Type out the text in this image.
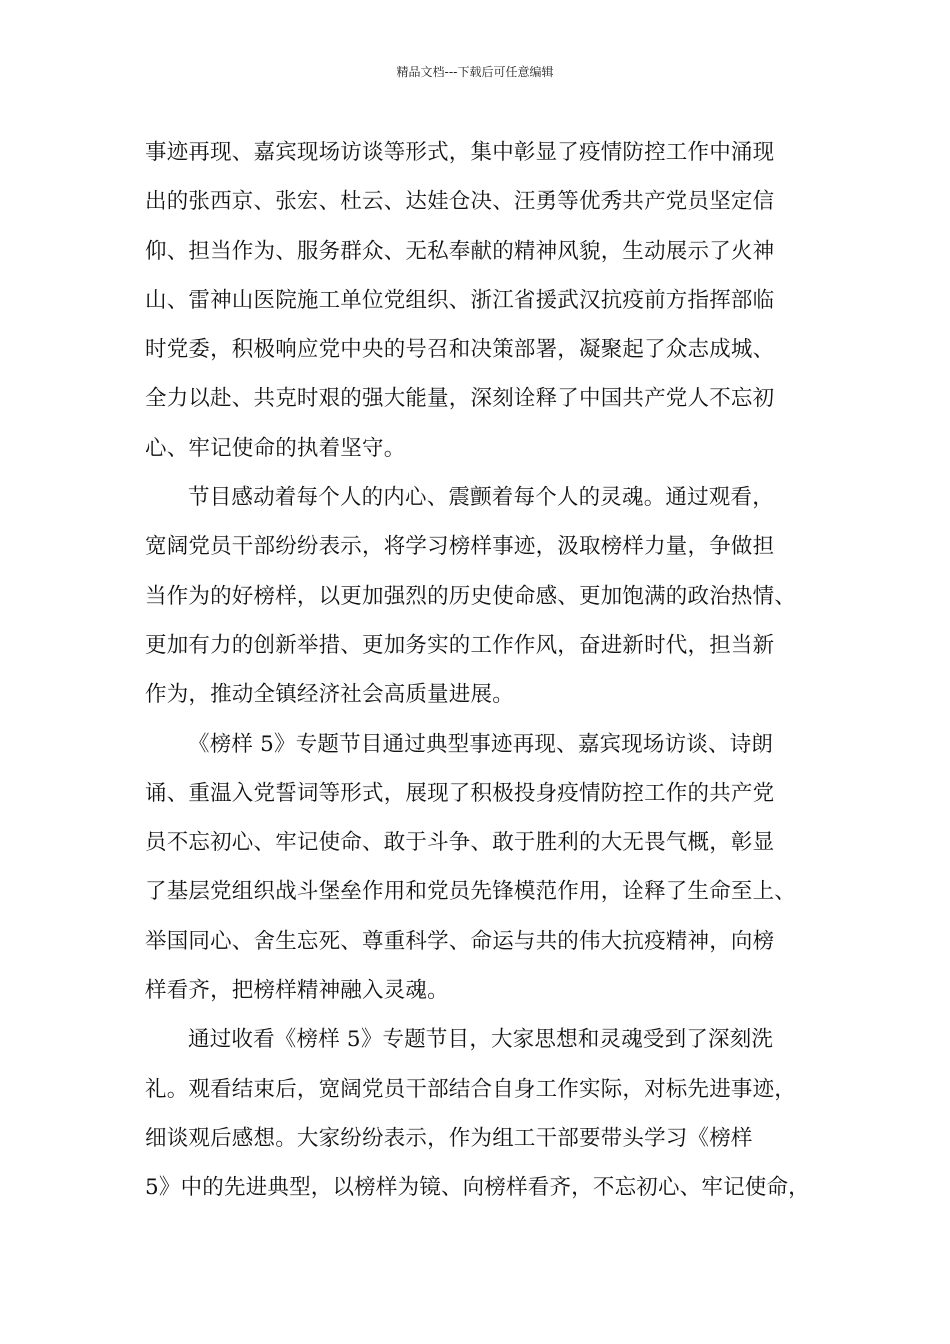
精品文档---下载后可任意编辑
事迹再现、嘉宾现场访谈等形式，集中彰显了疫情防控工作中涌现
出的张西京、张宏、杜云、达娃仓决、汪勇等优秀共产党员坚定信
仰、担当作为、服务群众、无私奉献的精神风貌，生动展示了火神
山、雷神山医院施工单位党组织、浙江省援武汉抗疫前方指挥部临
时党委，积极响应党中央的号召和决策部署，凝聚起了众志成城、
全力以赴、共克时艰的强大能量，深刻诠释了中国共产党人不忘初
心、牢记使命的执着坚守。
节目感动着每个人的内心、震颤着每个人的灵魂。通过观看，
宽阔党员干部纷纷表示，将学习榜样事迹，汲取榜样力量，争做担
当作为的好榜样，以更加强烈的历史使命感、更加饱满的政治热情、
更加有力的创新举措、更加务实的工作作风，奋进新时代，担当新
作为，推动全镇经济社会高质量进展。
《榜样 5》专题节目通过典型事迹再现、嘉宾现场访谈、诗朗
诵、重温入党誓词等形式，展现了积极投身疫情防控工作的共产党
员不忘初心、牢记使命、敢于斗争、敢于胜利的大无畏气概，彰显
了基层党组织战斗堡垒作用和党员先锋模范作用，诠释了生命至上、
举国同心、舍生忘死、尊重科学、命运与共的伟大抗疫精神，向榜
样看齐，把榜样精神融入灵魂。
通过收看《榜样 5》专题节目，大家思想和灵魂受到了深刻洗
礼。观看结束后，宽阔党员干部结合自身工作实际，对标先进事迹，
细谈观后感想。大家纷纷表示，作为组工干部要带头学习《榜样
5》中的先进典型，以榜样为镜、向榜样看齐，不忘初心、牢记使命，
